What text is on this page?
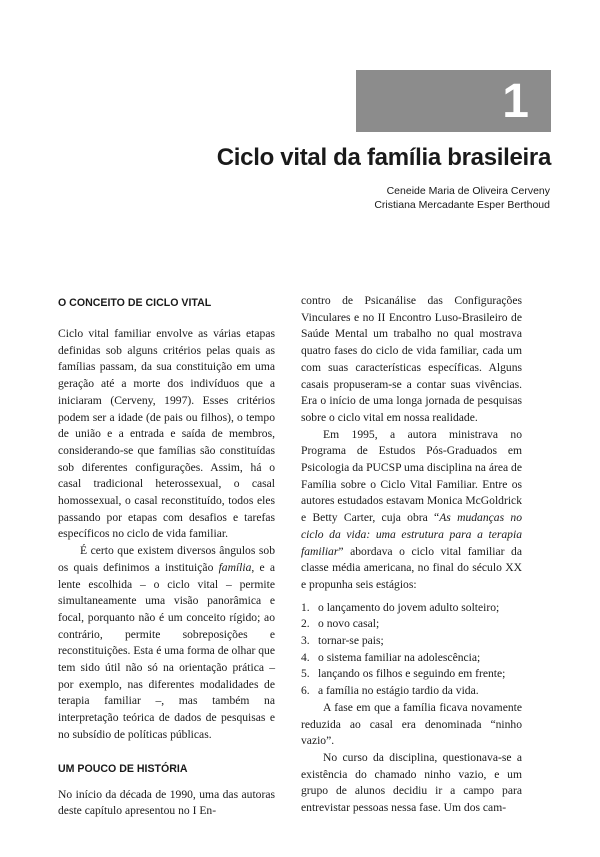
1
Ciclo vital da família brasileira
Ceneide Maria de Oliveira Cerveny
Cristiana Mercadante Esper Berthoud
O CONCEITO DE CICLO VITAL

Ciclo vital familiar envolve as várias etapas definidas sob alguns critérios pelas quais as famílias passam, da sua constituição em uma geração até a morte dos indivíduos que a iniciaram (Cerveny, 1997). Esses critérios podem ser a idade (de pais ou filhos), o tempo de união e a entrada e saída de membros, considerando-se que famílias são constituídas sob diferentes configurações. Assim, há o casal tradicional heterossexual, o casal homossexual, o casal reconstituído, todos eles passando por etapas com desafios e tarefas específicos no ciclo de vida familiar.

É certo que existem diversos ângulos sob os quais definimos a instituição família, e a lente escolhida – o ciclo vital – permite simultaneamente uma visão panorâmica e focal, porquanto não é um conceito rígido; ao contrário, permite sobreposições e reconstituições. Esta é uma forma de olhar que tem sido útil não só na orientação prática – por exemplo, nas diferentes modalidades de terapia familiar –, mas também na interpretação teórica de dados de pesquisas e no subsídio de políticas públicas.

UM POUCO DE HISTÓRIA

No início da década de 1990, uma das autoras deste capítulo apresentou no I En-

contro de Psicanálise das Configurações Vinculares e no II Encontro Luso-Brasileiro de Saúde Mental um trabalho no qual mostrava quatro fases do ciclo de vida familiar, cada um com suas características específicas. Alguns casais propuseram-se a contar suas vivências. Era o início de uma longa jornada de pesquisas sobre o ciclo vital em nossa realidade.

Em 1995, a autora ministrava no Programa de Estudos Pós-Graduados em Psicologia da PUCSP uma disciplina na área de Família sobre o Ciclo Vital Familiar. Entre os autores estudados estavam Monica McGoldrick e Betty Carter, cuja obra “As mudanças no ciclo da vida: uma estrutura para a terapia familiar” abordava o ciclo vital familiar da classe média americana, no final do século XX e propunha seis estágios:

1. o lançamento do jovem adulto solteiro;
2. o novo casal;
3. tornar-se pais;
4. o sistema familiar na adolescência;
5. lançando os filhos e seguindo em frente;
6. a família no estágio tardio da vida.

A fase em que a família ficava novamente reduzida ao casal era denominada “ninho vazio”.

No curso da disciplina, questionava-se a existência do chamado ninho vazio, e um grupo de alunos decidiu ir a campo para entrevistar pessoas nessa fase. Um dos cam-
